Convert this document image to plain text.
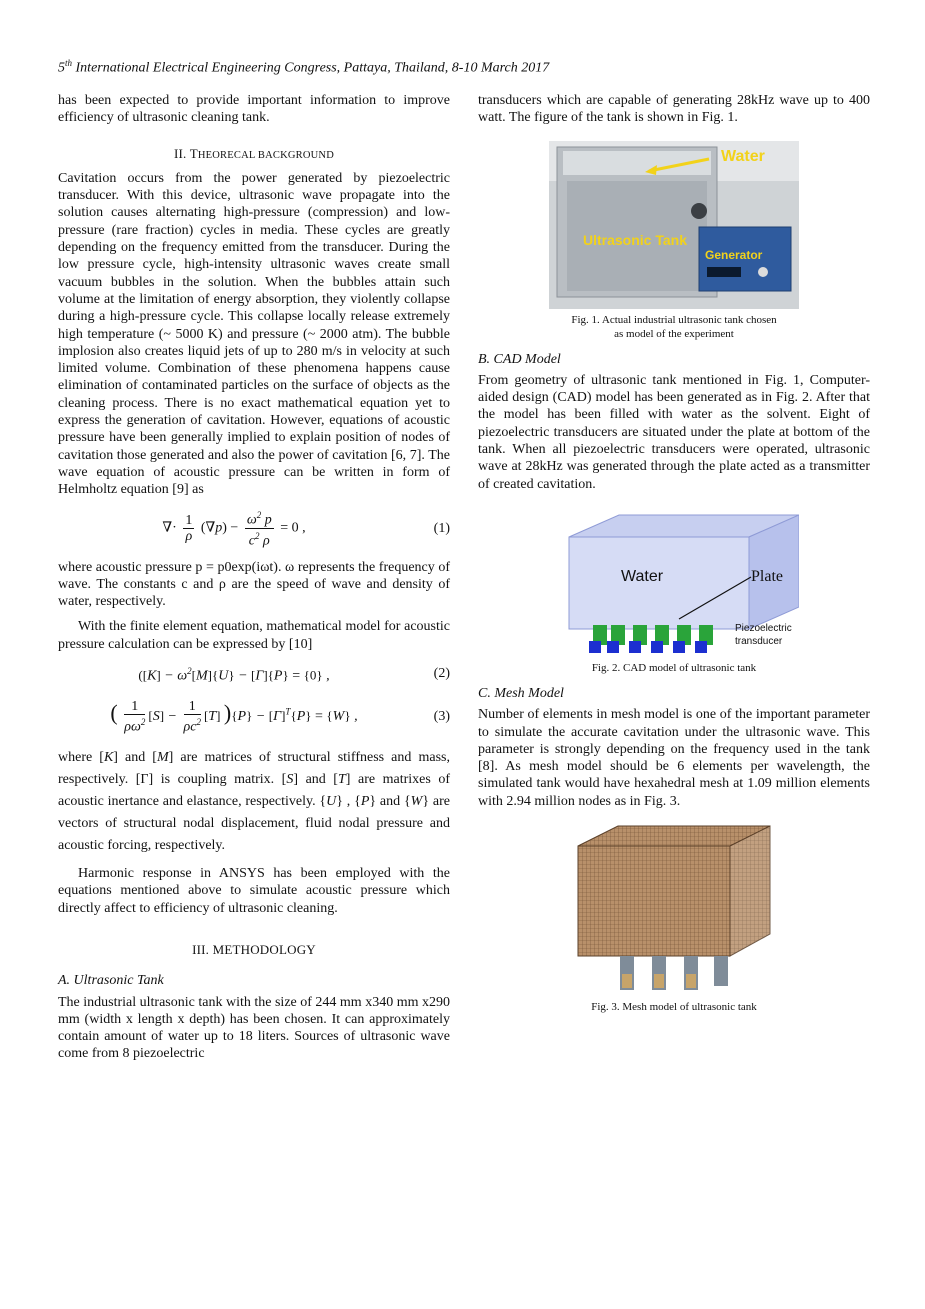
5th International Electrical Engineering Congress, Pattaya, Thailand, 8-10 March 2017

has been expected to provide important information to improve efficiency of ultrasonic cleaning tank.

II. THEORECAL BACKGROUND

Cavitation occurs from the power generated by piezoelectric transducer. With this device, ultrasonic wave propagate into the solution causes alternating high-pressure (compression) and low-pressure (rare fraction) cycles in media. These cycles are greatly depending on the frequency emitted from the transducer. During the low pressure cycle, high-intensity ultrasonic waves create small vacuum bubbles in the solution. When the bubbles attain such volume at the limitation of energy absorption, they violently collapse during a high-pressure cycle. This collapse locally release extremely high temperature (~ 5000 K) and pressure (~ 2000 atm). The bubble implosion also creates liquid jets of up to 280 m/s in velocity at such limited volume. Combination of these phenomena happens cause elimination of contaminated particles on the surface of objects as the cleaning process. There is no exact mathematical equation yet to express the generation of cavitation. However, equations of acoustic pressure have been generally implied to explain position of nodes of cavitation those generated and also the power of cavitation [6, 7]. The wave equation of acoustic pressure can be written in form of Helmholtz equation [9] as

∇· $\frac{1}{\rho} (\nabla p) - \frac{\omega^2 p}{c^2 \rho} = 0$ ,	(1)

where acoustic pressure p = p0exp(iωt). ω represents the frequency of wave. The constants c and ρ are the speed of wave and density of water, respectively.

With the finite element equation, mathematical model for acoustic pressure calculation can be expressed by [10]

($[K] - \omega^2[M]\{U\} - [\Gamma]\{P\} = \{0\}$ ,	(2)
( $\frac{1}{\rho\omega^2} [S] - \frac{1}{\rho c^2} [T] )\{P\} - [\Gamma]^T\{P\} = \{W\}$ ,	(3)

where [K] and [M] are matrices of structural stiffness and mass, respectively. [Γ] is coupling matrix. [S] and [T] are matrixes of acoustic inertance and elastance, respectively. {U} , {P} and {W} are vectors of structural nodal displacement, fluid nodal pressure and acoustic forcing, respectively.

Harmonic response in ANSYS has been employed with the equations mentioned above to simulate acoustic pressure which directly affect to efficiency of ultrasonic cleaning.

III. METHODOLOGY
A. Ultrasonic Tank

The industrial ultrasonic tank with the size of 244 mm x340 mm x290 mm (width x length x depth) has been chosen. It can approximately contain amount of water up to 18 liters. Sources of ultrasonic wave come from 8 piezoelectric

transducers which are capable of generating 28kHz wave up to 400 watt. The figure of the tank is shown in Fig. 1.

Water
Ultrasonic Tank
Generator
Fig. 1. Actual industrial ultrasonic tank chosen
as model of the experiment
B. CAD Model

From geometry of ultrasonic tank mentioned in Fig. 1, Computer-aided design (CAD) model has been generated as in Fig. 2. After that the model has been filled with water as the solvent. Eight of piezoelectric transducers are situated under the plate at bottom of the tank. When all piezoelectric transducers were operated, ultrasonic wave at 28kHz was generated through the plate acted as a transmitter of created cavitation.

Water	Plate
Piezoelectric
transducer
Fig. 2. CAD model of ultrasonic tank
C. Mesh Model

Number of elements in mesh model is one of the important parameter to simulate the accurate cavitation under the ultrasonic wave. This parameter is strongly depending on the frequency used in the tank [8]. As mesh model should be 6 elements per wavelength, the simulated tank would have hexahedral mesh at 1.09 million elements with 2.94 million nodes as in Fig. 3.

Fig. 3. Mesh model of ultrasonic tank
